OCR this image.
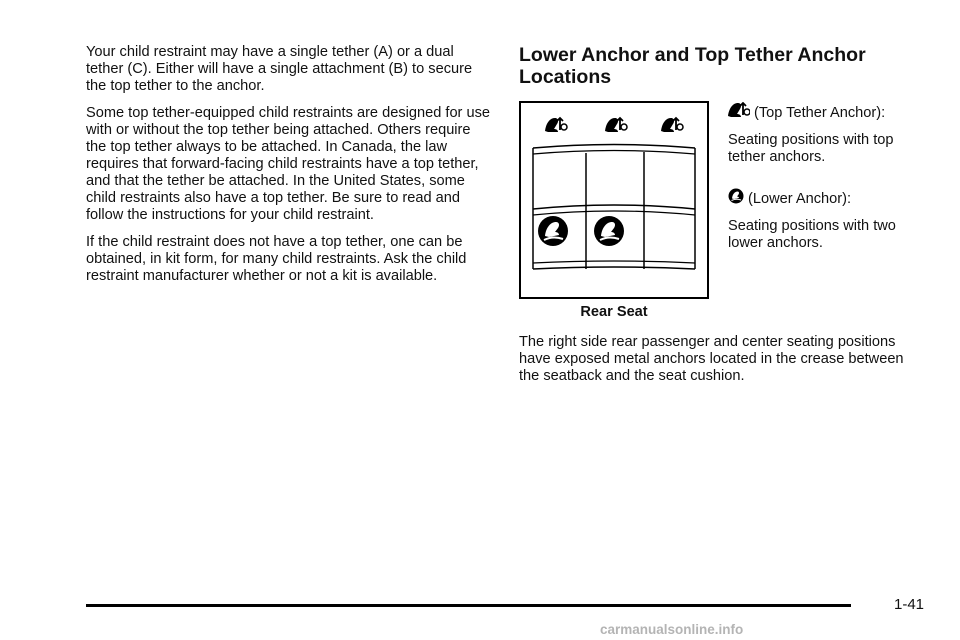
Your child restraint may have a single tether (A) or a dual tether (C). Either will have a single attachment (B) to secure the top tether to the anchor.

Some top tether-equipped child restraints are designed for use with or without the top tether being attached. Others require the top tether always to be attached. In Canada, the law requires that forward-facing child restraints have a top tether, and that the tether be attached. In the United States, some child restraints also have a top tether. Be sure to read and follow the instructions for your child restraint.

If the child restraint does not have a top tether, one can be obtained, in kit form, for many child restraints. Ask the child restraint manufacturer whether or not a kit is available.

Lower Anchor and Top Tether Anchor Locations
Rear Seat

(Top Tether Anchor):

Seating positions with top tether anchors.

(Lower Anchor):

Seating positions with two lower anchors.

The right side rear passenger and center seating positions have exposed metal anchors located in the crease between the seatback and the seat cushion.

1-41
carmanualsonline.info
